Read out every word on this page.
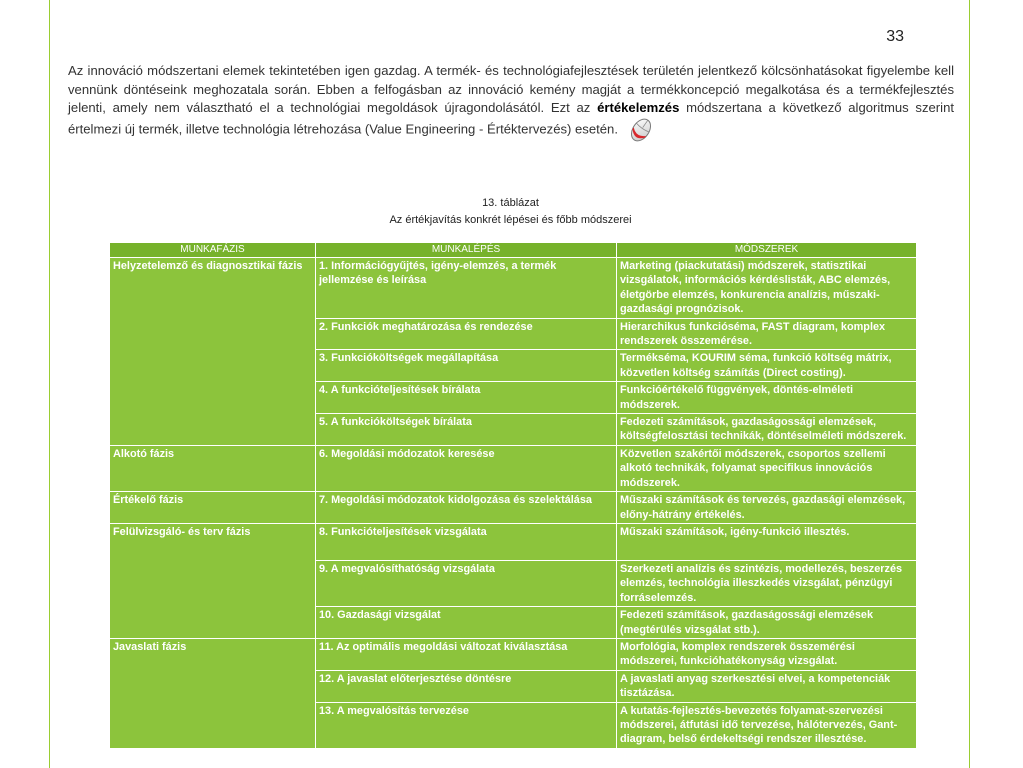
33

Az innováció módszertani elemek tekintetében igen gazdag. A termék- és technológiafejlesztések területén jelentkező kölcsönhatásokat figyelembe kell vennünk döntéseink meghozatala során. Ebben a felfogásban az innováció kemény magját a termékkoncepció megalkotása és a termékfejlesztés jelenti, amely nem választható el a technológiai megoldások újragondolásától. Ezt az értékelemzés módszertana a következő algoritmus szerint értelmezi új termék, illetve technológia létrehozása (Value Engineering - Értéktervezés) esetén.

13. táblázat

Az értékjavítás konkrét lépései és főbb módszerei

MUNKAFÁZIS	MUNKALÉPÉS	MÓDSZEREK
Helyzetelemző és diagnosztikai fázis	1. Információgyűjtés, igény-elemzés, a termék jellemzése és leírása	Marketing (piackutatási) módszerek, statisztikai vizsgálatok, információs kérdéslisták, ABC elemzés, életgörbe elemzés, konkurencia analízis, műszaki-gazdasági prognózisok.
	2. Funkciók meghatározása és rendezése	Hierarchikus funkcióséma, FAST diagram, komplex rendszerek összemérése.
	3. Funkcióköltségek megállapítása	Termékséma, KOURIM séma, funkció költség mátrix, közvetlen költség számítás (Direct costing).
	4. A funkcióteljesítések bírálata	Funkcióértékelő függvények, döntés-elméleti módszerek.
	5. A funkcióköltségek bírálata	Fedezeti számítások, gazdaságossági elemzések, költségfelosztási technikák, döntéselméleti módszerek.
Alkotó fázis	6. Megoldási módozatok keresése	Közvetlen szakértői módszerek, csoportos szellemi alkotó technikák, folyamat specifikus innovációs módszerek.
Értékelő fázis	7. Megoldási módozatok kidolgozása és szelektálása	Műszaki számítások és tervezés, gazdasági elemzések, előny-hátrány értékelés.
Felülvizsgáló- és terv fázis	8. Funkcióteljesítések vizsgálata	Műszaki számítások, igény-funkció illesztés.
	9. A megvalósíthatóság vizsgálata	Szerkezeti analízis és szintézis, modellezés, beszerzés elemzés, technológia illeszkedés vizsgálat, pénzügyi forráselemzés.
	10. Gazdasági vizsgálat	Fedezeti számítások, gazdaságossági elemzések (megtérülés vizsgálat stb.).
Javaslati fázis	11. Az optimális megoldási változat kiválasztása	Morfológia, komplex rendszerek összemérési módszerei, funkcióhatékonyság vizsgálat.
	12. A javaslat előterjesztése döntésre	A javaslati anyag szerkesztési elvei, a kompetenciák tisztázása.
	13. A megvalósítás tervezése	A kutatás-fejlesztés-bevezetés folyamat-szervezési módszerei, átfutási idő tervezése, hálótervezés, Gant-diagram, belső érdekeltségi rendszer illesztése.
